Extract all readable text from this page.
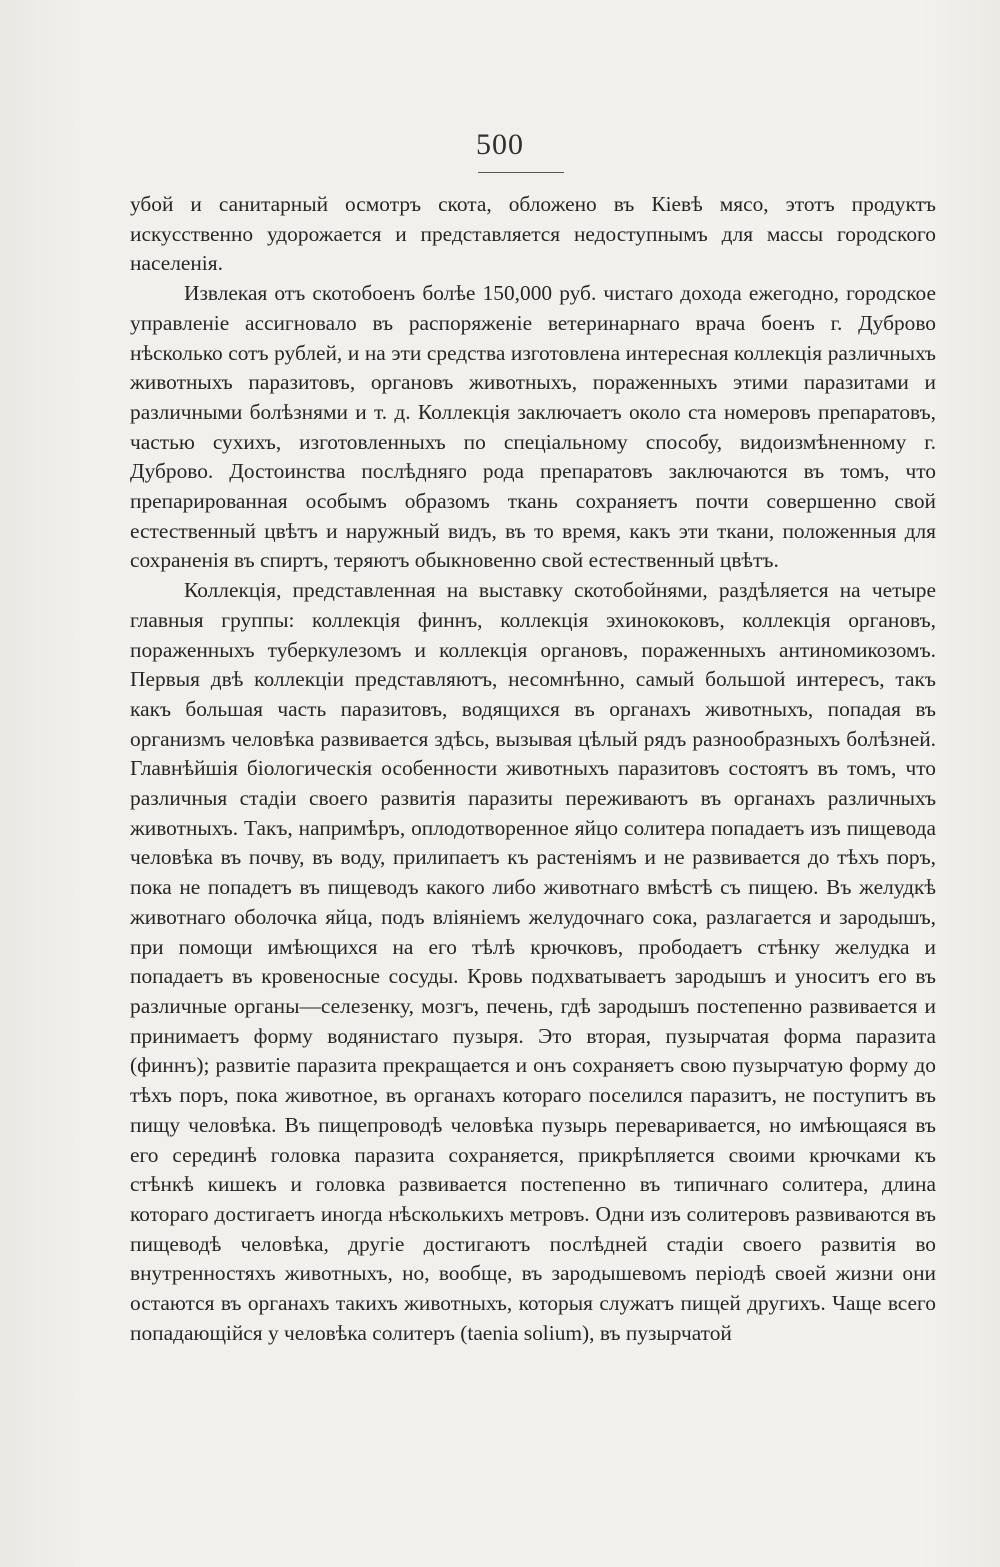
500

убой и санитарный осмотръ скота, обложено въ Кіевѣ мясо, этотъ продуктъ искусственно удорожается и представляется недоступнымъ для массы городского населенія.

Извлекая отъ скотобоенъ болѣе 150,000 руб. чистаго дохода ежегодно, городское управленіе ассигновало въ распоряженіе ветеринарнаго врача боенъ г. Дуброво нѣсколько сотъ рублей, и на эти средства изготовлена интересная коллекція различныхъ животныхъ паразитовъ, органовъ животныхъ, пораженныхъ этими паразитами и различными болѣзнями и т. д. Коллекція заключаетъ около ста номеровъ препаратовъ, частью сухихъ, изготовленныхъ по спеціальному способу, видоизмѣненному г. Дуброво. Достоинства послѣдняго рода препаратовъ заключаются въ томъ, что препарированная особымъ образомъ ткань сохраняетъ почти совершенно свой естественный цвѣтъ и наружный видъ, въ то время, какъ эти ткани, положенныя для сохраненія въ спиртъ, теряютъ обыкновенно свой естественный цвѣтъ.

Коллекція, представленная на выставку скотобойнями, раздѣляется на четыре главныя группы: коллекція финнъ, коллекція эхинококовъ, коллекція органовъ, пораженныхъ туберкулезомъ и коллекція органовъ, пораженныхъ антиномикозомъ. Первыя двѣ коллекціи представляютъ, несомнѣнно, самый большой интересъ, такъ какъ большая часть паразитовъ, водящихся въ органахъ животныхъ, попадая въ организмъ человѣка развивается здѣсь, вызывая цѣлый рядъ разнообразныхъ болѣзней. Главнѣйшія біологическія особенности животныхъ паразитовъ состоятъ въ томъ, что различныя стадіи своего развитія паразиты переживаютъ въ органахъ различныхъ животныхъ. Такъ, напримѣръ, оплодотворенное яйцо солитера попадаетъ изъ пищевода человѣка въ почву, въ воду, прилипаетъ къ растеніямъ и не развивается до тѣхъ поръ, пока не попадетъ въ пищеводъ какого либо животнаго вмѣстѣ съ пищею. Въ желудкѣ животнаго оболочка яйца, подъ вліяніемъ желудочнаго сока, разлагается и зародышъ, при помощи имѣющихся на его тѣлѣ крючковъ, прободаетъ стѣнку желудка и попадаетъ въ кровеносные сосуды. Кровь подхватываетъ зародышъ и уноситъ его въ различные органы—селезенку, мозгъ, печень, гдѣ зародышъ постепенно развивается и принимаетъ форму водянистаго пузыря. Это вторая, пузырчатая форма паразита (финнъ); развитіе паразита прекращается и онъ сохраняетъ свою пузырчатую форму до тѣхъ поръ, пока животное, въ органахъ котораго поселился паразитъ, не поступитъ въ пищу человѣка. Въ пищепроводѣ человѣка пузырь переваривается, но имѣющаяся въ его серединѣ головка паразита сохраняется, прикрѣпляется своими крючками къ стѣнкѣ кишекъ и головка развивается постепенно въ типичнаго солитера, длина котораго достигаетъ иногда нѣсколькихъ метровъ. Одни изъ солитеровъ развиваются въ пищеводѣ человѣка, другіе достигаютъ послѣдней стадіи своего развитія во внутренностяхъ животныхъ, но, вообще, въ зародышевомъ періодѣ своей жизни они остаются въ органахъ такихъ животныхъ, которыя служатъ пищей другихъ. Чаще всего попадающійся у человѣка солитеръ (taenia solium), въ пузырчатой
